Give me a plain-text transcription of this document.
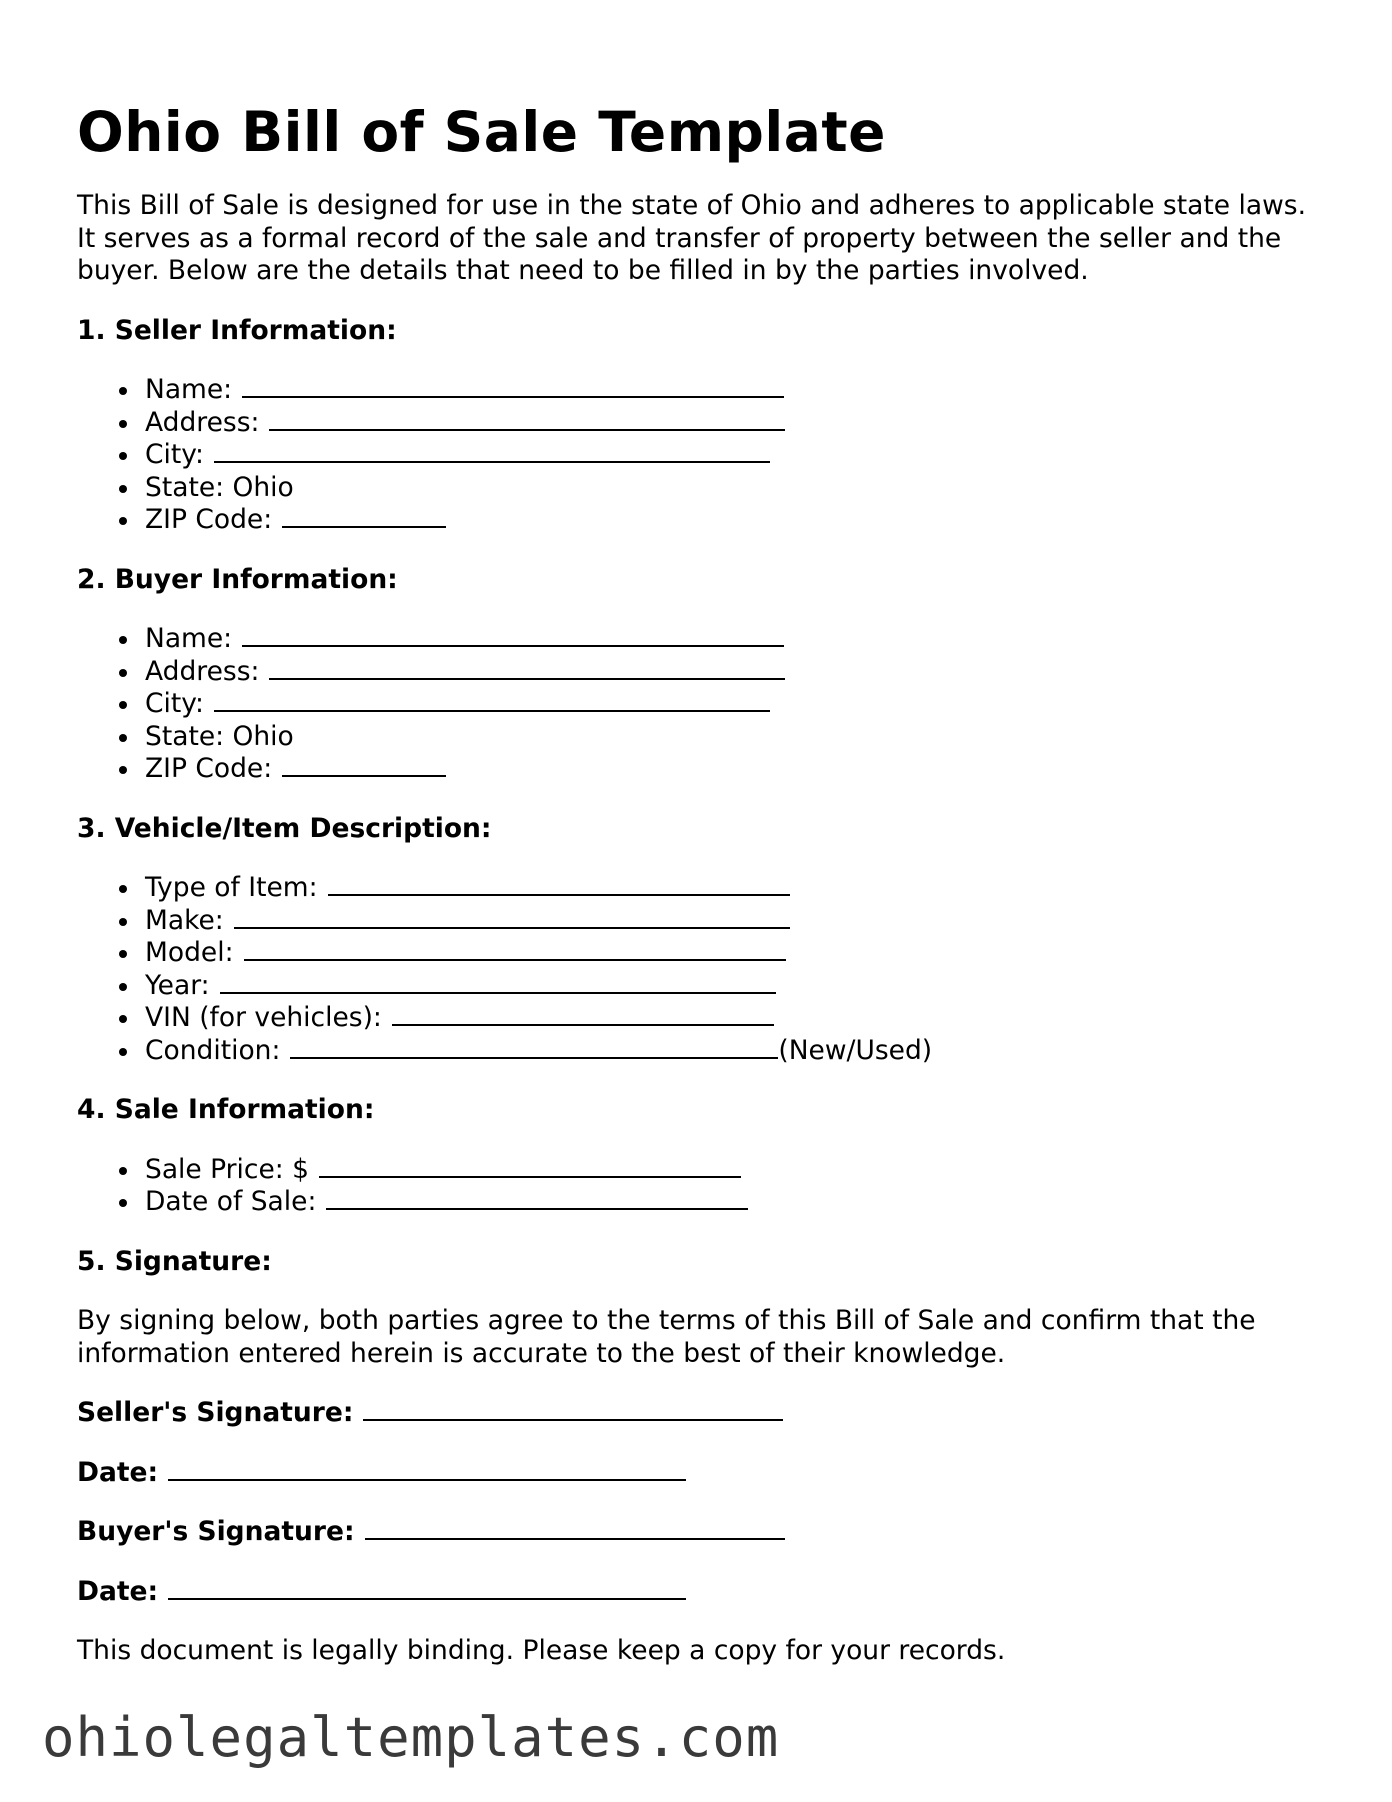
Ohio Bill of Sale Template

This Bill of Sale is designed for use in the state of Ohio and adheres to applicable state laws. It serves as a formal record of the sale and transfer of property between the seller and the buyer. Below are the details that need to be filled in by the parties involved.

1. Seller Information:
Name:
Address:
City:
State: Ohio
ZIP Code:
2. Buyer Information:
Name:
Address:
City:
State: Ohio
ZIP Code:
3. Vehicle/Item Description:
Type of Item:
Make:
Model:
Year:
VIN (for vehicles):
Condition:	(New/Used)
4. Sale Information:
Sale Price: $
Date of Sale:
5. Signature:

By signing below, both parties agree to the terms of this Bill of Sale and confirm that the information entered herein is accurate to the best of their knowledge.

Seller's Signature:
Date:
Buyer's Signature:
Date:

This document is legally binding. Please keep a copy for your records.

ohiolegaltemplates.com
